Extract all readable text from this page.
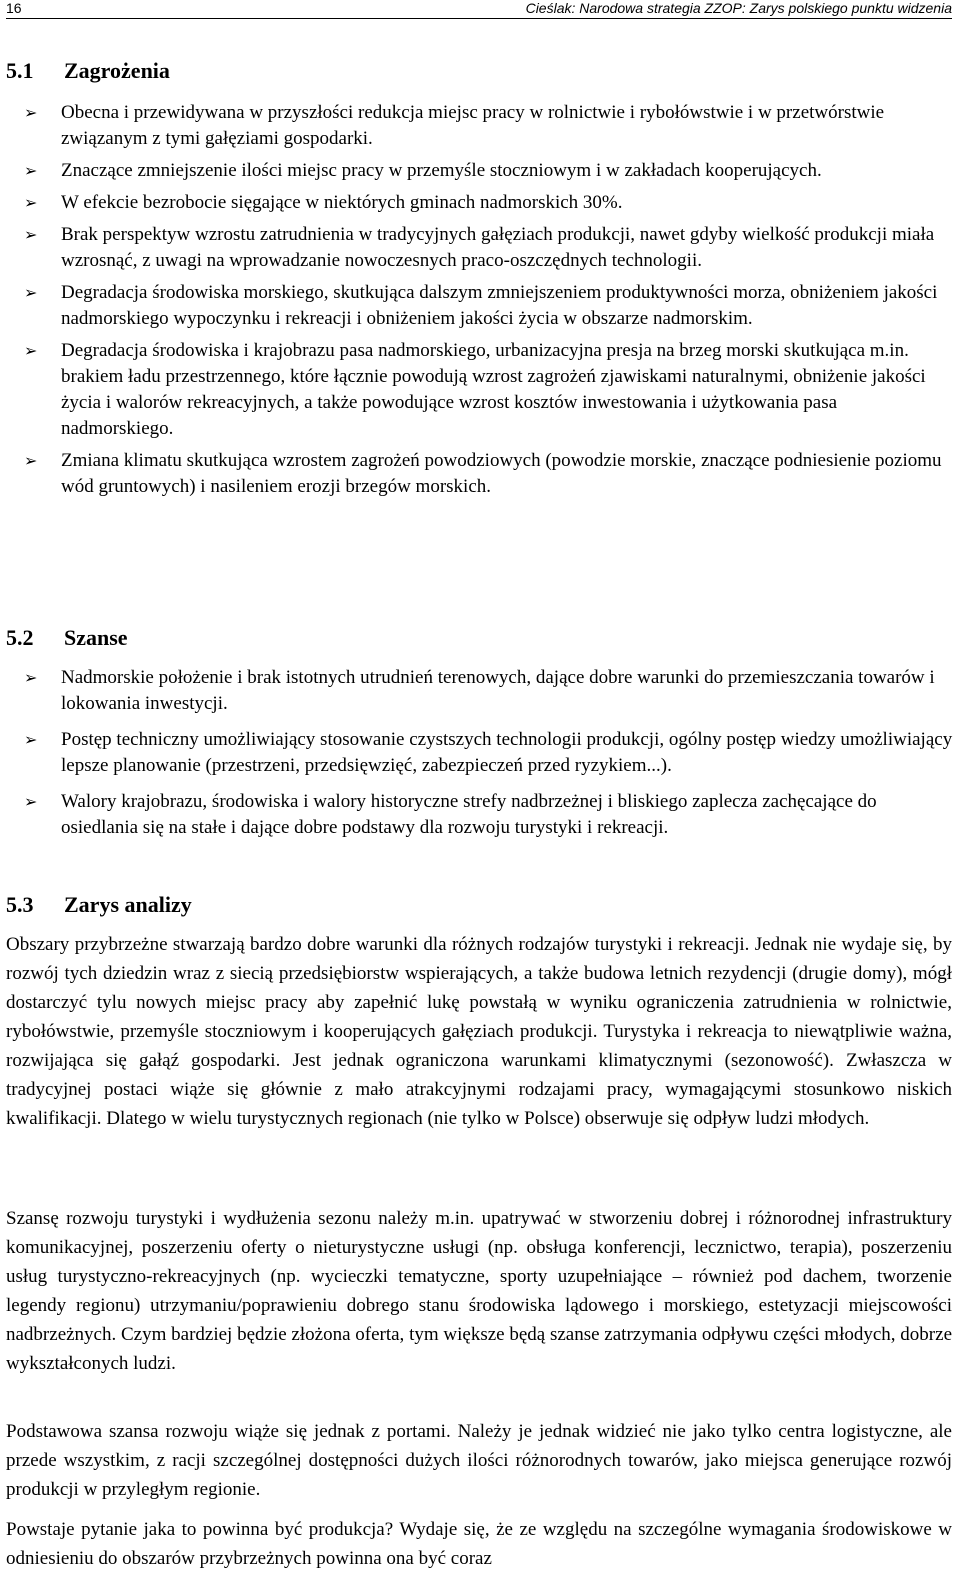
16	Cieślak: Narodowa strategia ZZOP: Zarys polskiego punktu widzenia
5.1 Zagrożenia
➢ Obecna i przewidywana w przyszłości redukcja miejsc pracy w rolnictwie i rybołówstwie i w przetwórstwie związanym z tymi gałęziami gospodarki.
➢ Znaczące zmniejszenie ilości miejsc pracy w przemyśle stoczniowym i w zakładach kooperujących.
➢ W efekcie bezrobocie sięgające w niektórych gminach nadmorskich 30%.
➢ Brak perspektyw wzrostu zatrudnienia w tradycyjnych gałęziach produkcji, nawet gdyby wielkość produkcji miała wzrosnąć, z uwagi na wprowadzanie nowoczesnych praco-oszczędnych technologii.
➢ Degradacja środowiska morskiego, skutkująca dalszym zmniejszeniem produktywności morza, obniżeniem jakości nadmorskiego wypoczynku i rekreacji i obniżeniem jakości życia w obszarze nadmorskim.
➢ Degradacja środowiska i krajobrazu pasa nadmorskiego, urbanizacyjna presja na brzeg morski skutkująca m.in. brakiem ładu przestrzennego, które łącznie powodują wzrost zagrożeń zjawiskami naturalnymi, obniżenie jakości życia i walorów rekreacyjnych, a także powodujące wzrost kosztów inwestowania i użytkowania pasa nadmorskiego.
➢ Zmiana klimatu skutkująca wzrostem zagrożeń powodziowych (powodzie morskie, znaczące podniesienie poziomu wód gruntowych) i nasileniem erozji brzegów morskich.
5.2 Szanse
➢ Nadmorskie położenie i brak istotnych utrudnień terenowych, dające dobre warunki do przemieszczania towarów i lokowania inwestycji.
➢ Postęp techniczny umożliwiający stosowanie czystszych technologii produkcji, ogólny postęp wiedzy umożliwiający lepsze planowanie (przestrzeni, przedsięwzięć, zabezpieczeń przed ryzykiem...).
➢ Walory krajobrazu, środowiska i walory historyczne strefy nadbrzeżnej i bliskiego zaplecza zachęcające do osiedlania się na stałe i dające dobre podstawy dla rozwoju turystyki i rekreacji.
5.3 Zarys analizy

Obszary przybrzeżne stwarzają bardzo dobre warunki dla różnych rodzajów turystyki i rekreacji. Jednak nie wydaje się, by rozwój tych dziedzin wraz z siecią przedsiębiorstw wspierających, a także budowa letnich rezydencji (drugie domy), mógł dostarczyć tylu nowych miejsc pracy aby zapełnić lukę powstałą w wyniku ograniczenia zatrudnienia w rolnictwie, rybołówstwie, przemyśle stoczniowym i kooperujących gałęziach produkcji. Turystyka i rekreacja to niewątpliwie ważna, rozwijająca się gałąź gospodarki. Jest jednak ograniczona warunkami klimatycznymi (sezonowość). Zwłaszcza w tradycyjnej postaci wiąże się głównie z mało atrakcyjnymi rodzajami pracy, wymagającymi stosunkowo niskich kwalifikacji. Dlatego w wielu turystycznych regionach (nie tylko w Polsce) obserwuje się odpływ ludzi młodych.

Szansę rozwoju turystyki i wydłużenia sezonu należy m.in. upatrywać w stworzeniu dobrej i różnorodnej infrastruktury komunikacyjnej, poszerzeniu oferty o nieturystyczne usługi (np. obsługa konferencji, lecznictwo, terapia), poszerzeniu usług turystyczno-rekreacyjnych (np. wycieczki tematyczne, sporty uzupełniające – również pod dachem, tworzenie legendy regionu) utrzymaniu/poprawieniu dobrego stanu środowiska lądowego i morskiego, estetyzacji miejscowości nadbrzeżnych. Czym bardziej będzie złożona oferta, tym większe będą szanse zatrzymania odpływu części młodych, dobrze wykształconych ludzi.

Podstawowa szansa rozwoju wiąże się jednak z portami. Należy je jednak widzieć nie jako tylko centra logistyczne, ale przede wszystkim, z racji szczególnej dostępności dużych ilości różnorodnych towarów, jako miejsca generujące rozwój produkcji w przyległym regionie.

Powstaje pytanie jaka to powinna być produkcja? Wydaje się, że ze względu na szczególne wymagania środowiskowe w odniesieniu do obszarów przybrzeżnych powinna ona być coraz
